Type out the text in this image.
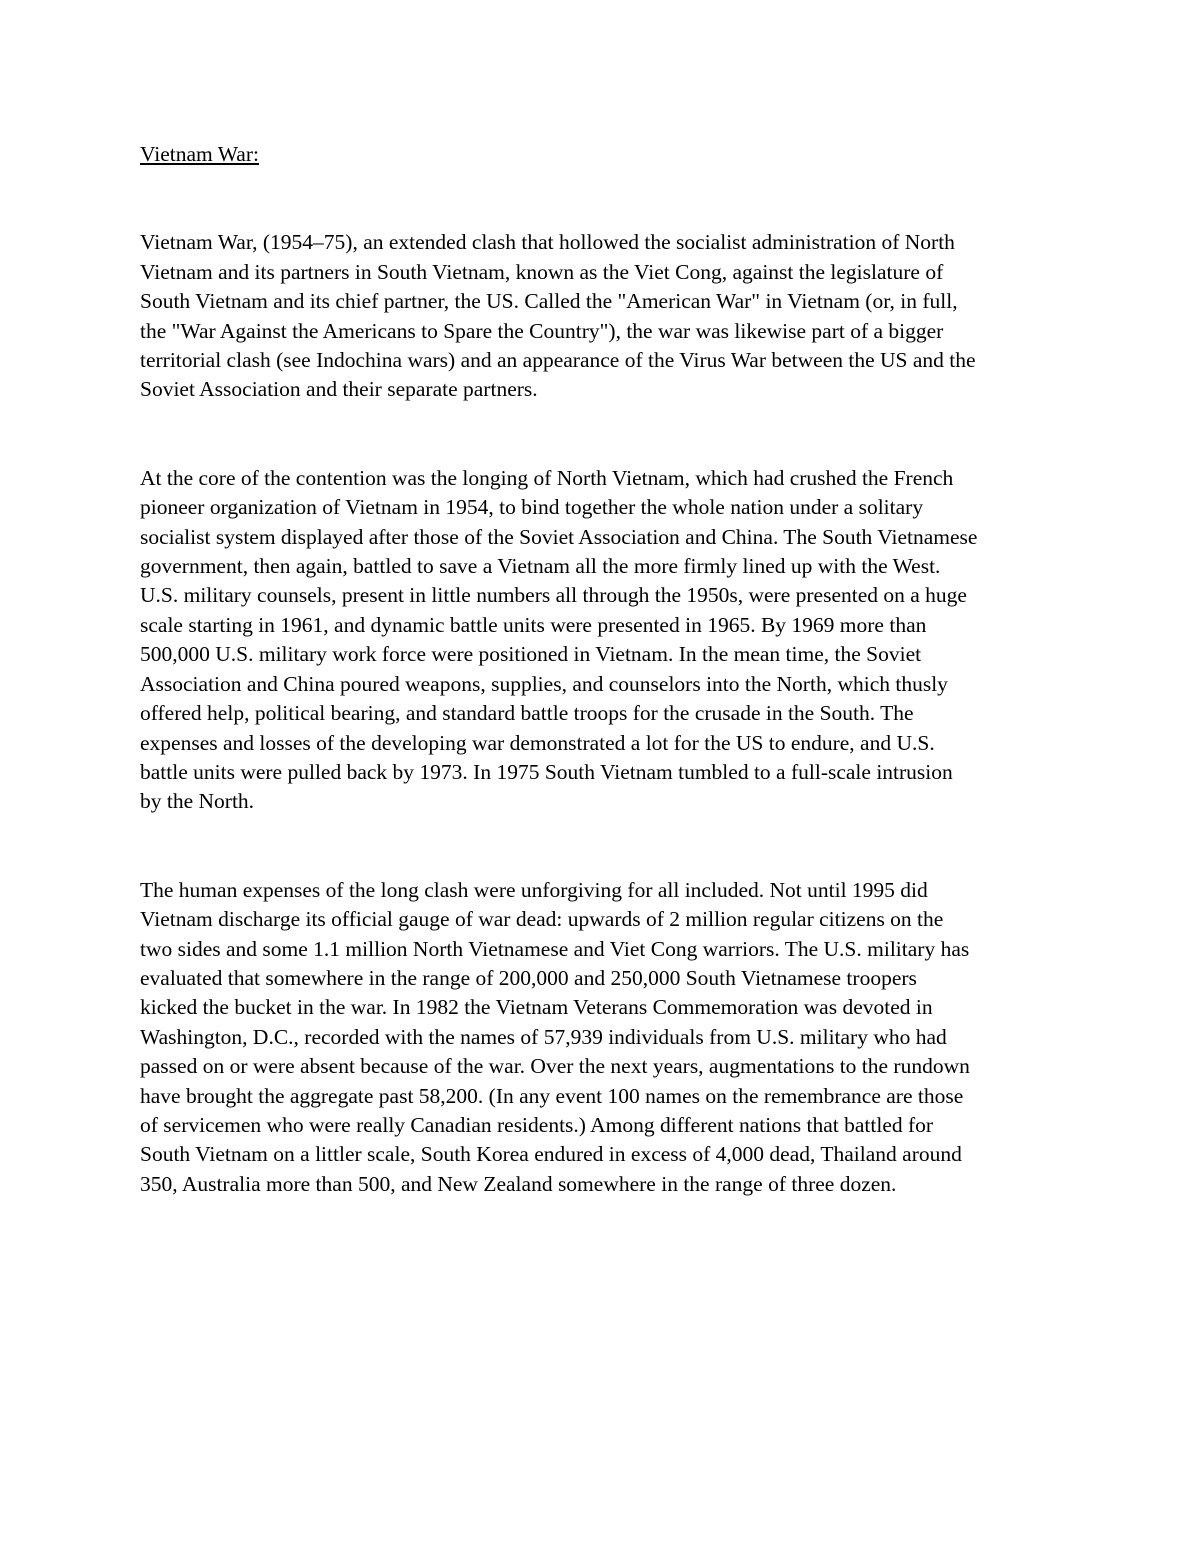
Vietnam War:

Vietnam War, (1954–75), an extended clash that hollowed the socialist administration of North
Vietnam and its partners in South Vietnam, known as the Viet Cong, against the legislature of
South Vietnam and its chief partner, the US. Called the "American War" in Vietnam (or, in full,
the "War Against the Americans to Spare the Country"), the war was likewise part of a bigger
territorial clash (see Indochina wars) and an appearance of the Virus War between the US and the
Soviet Association and their separate partners.

At the core of the contention was the longing of North Vietnam, which had crushed the French
pioneer organization of Vietnam in 1954, to bind together the whole nation under a solitary
socialist system displayed after those of the Soviet Association and China. The South Vietnamese
government, then again, battled to save a Vietnam all the more firmly lined up with the West.
U.S. military counsels, present in little numbers all through the 1950s, were presented on a huge
scale starting in 1961, and dynamic battle units were presented in 1965. By 1969 more than
500,000 U.S. military work force were positioned in Vietnam. In the mean time, the Soviet
Association and China poured weapons, supplies, and counselors into the North, which thusly
offered help, political bearing, and standard battle troops for the crusade in the South. The
expenses and losses of the developing war demonstrated a lot for the US to endure, and U.S.
battle units were pulled back by 1973. In 1975 South Vietnam tumbled to a full-scale intrusion
by the North.

The human expenses of the long clash were unforgiving for all included. Not until 1995 did
Vietnam discharge its official gauge of war dead: upwards of 2 million regular citizens on the
two sides and some 1.1 million North Vietnamese and Viet Cong warriors. The U.S. military has
evaluated that somewhere in the range of 200,000 and 250,000 South Vietnamese troopers
kicked the bucket in the war. In 1982 the Vietnam Veterans Commemoration was devoted in
Washington, D.C., recorded with the names of 57,939 individuals from U.S. military who had
passed on or were absent because of the war. Over the next years, augmentations to the rundown
have brought the aggregate past 58,200. (In any event 100 names on the remembrance are those
of servicemen who were really Canadian residents.) Among different nations that battled for
South Vietnam on a littler scale, South Korea endured in excess of 4,000 dead, Thailand around
350, Australia more than 500, and New Zealand somewhere in the range of three dozen.
